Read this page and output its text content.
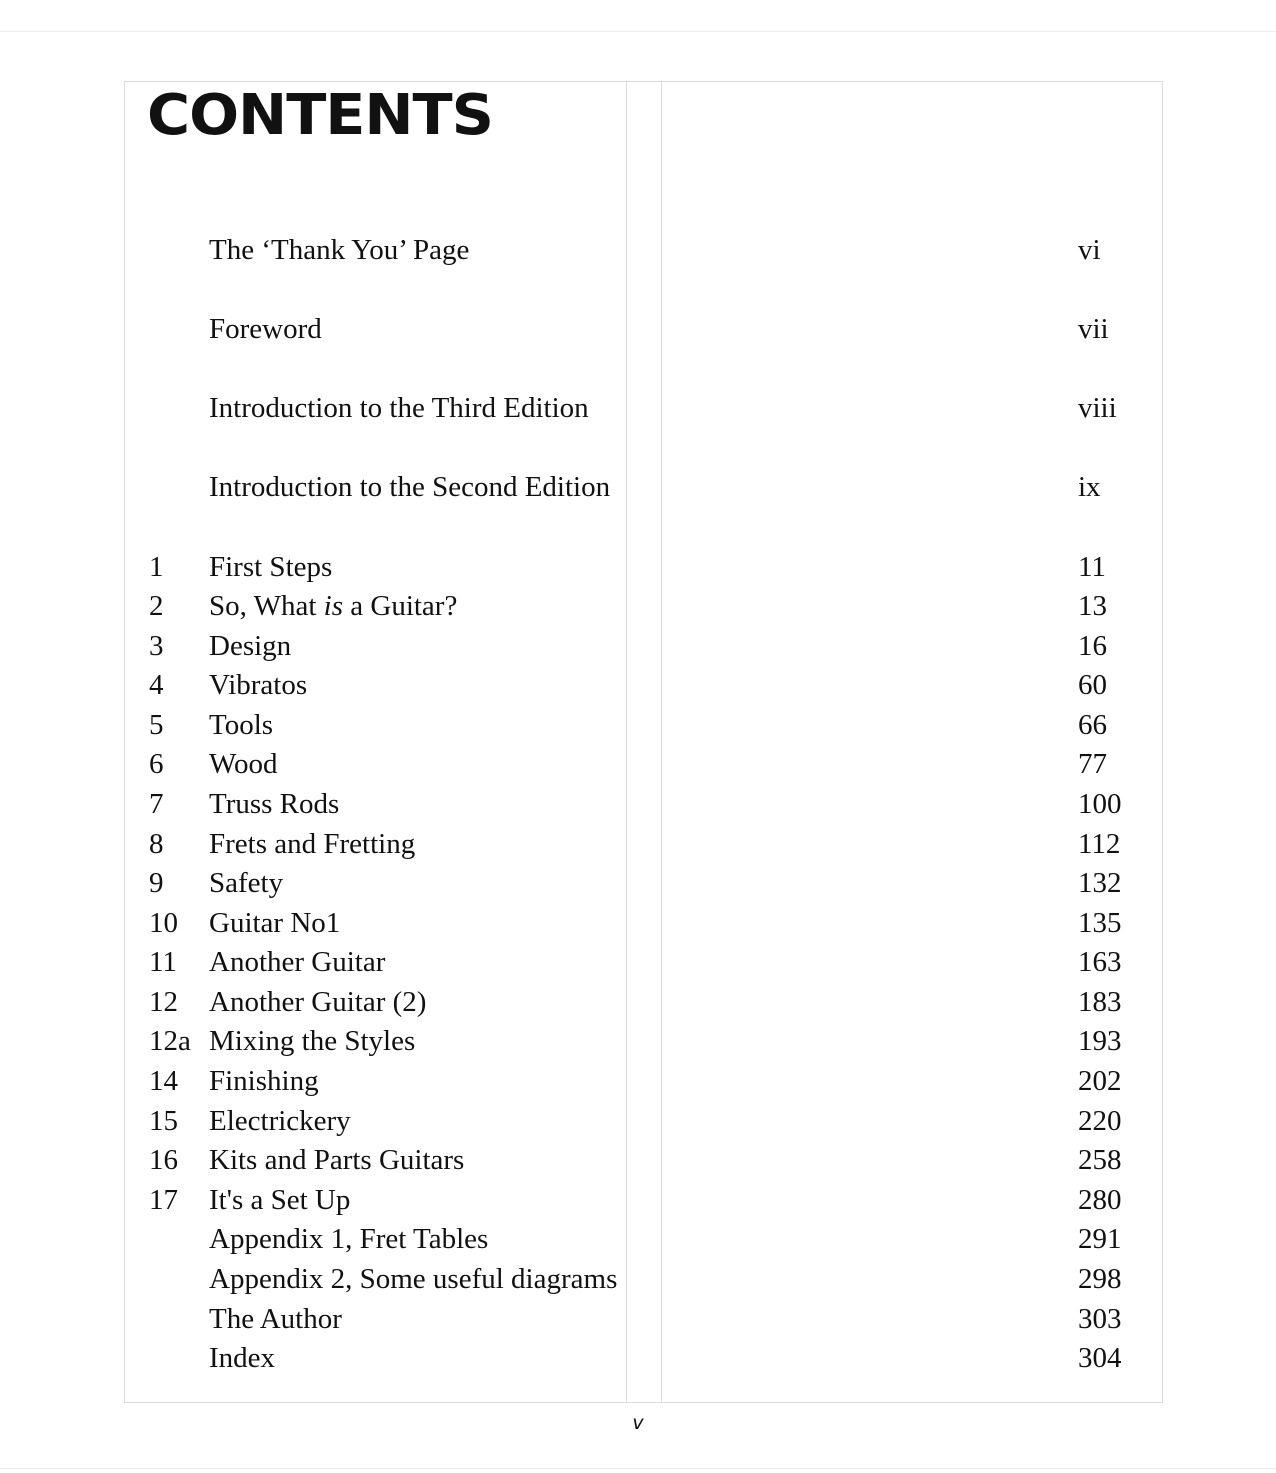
CONTENTS
The ‘Thank You’ Page	vi
Foreword	vii
Introduction to the Third Edition	viii
Introduction to the Second Edition	ix
1 First Steps	11
2 So, What is a Guitar?	13
3 Design	16
4 Vibratos	60
5 Tools	66
6 Wood	77
7 Truss Rods	100
8 Frets and Fretting	112
9 Safety	132
10 Guitar No1	135
11 Another Guitar	163
12 Another Guitar (2)	183
12a Mixing the Styles	193
14 Finishing	202
15 Electrickery	220
16 Kits and Parts Guitars	258
17 It's a Set Up	280
Appendix 1, Fret Tables	291
Appendix 2, Some useful diagrams	298
The Author	303
Index	304
v
